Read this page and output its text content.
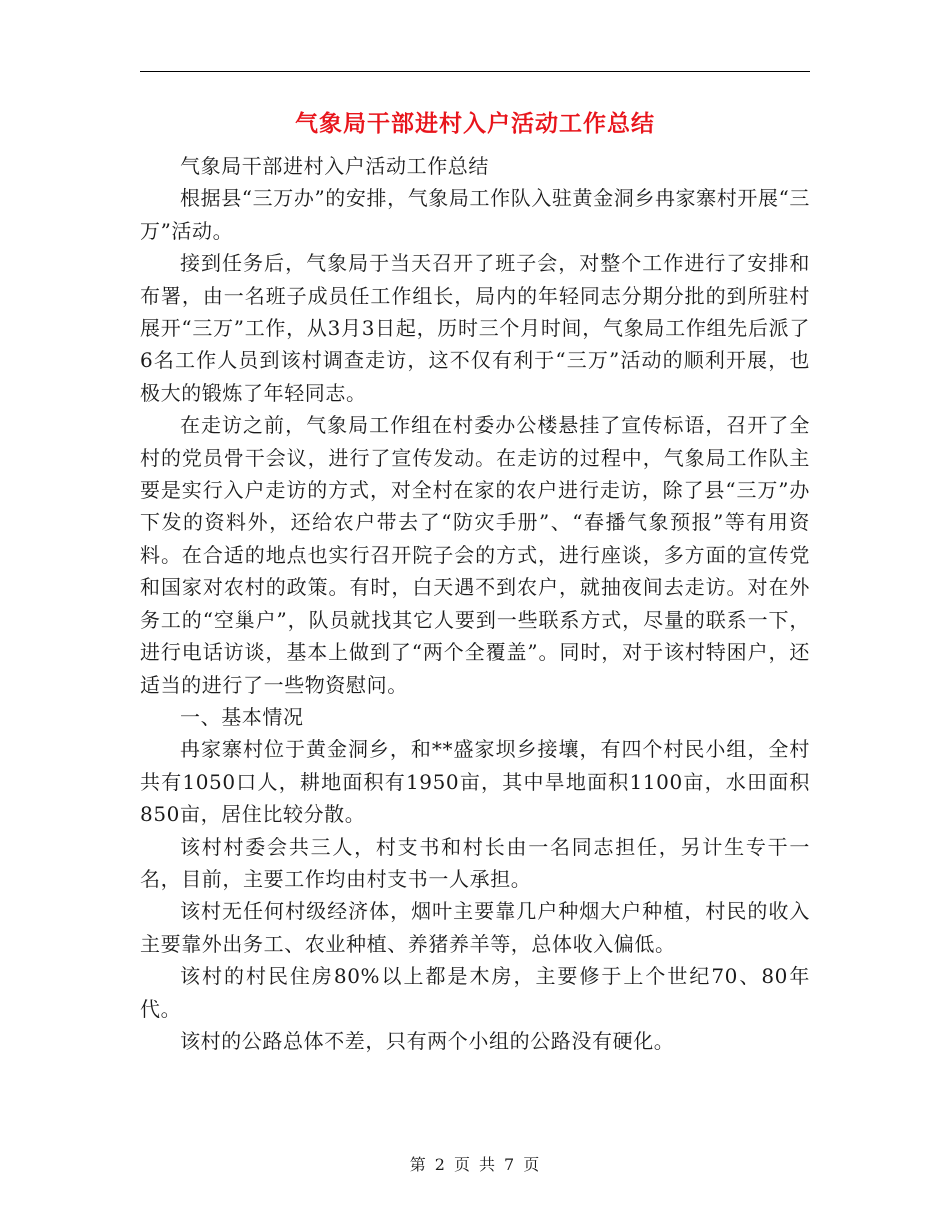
气象局干部进村入户活动工作总结

气象局干部进村入户活动工作总结

根据县“三万办”的安排，气象局工作队入驻黄金洞乡冉家寨村开展“三万”活动。

接到任务后，气象局于当天召开了班子会，对整个工作进行了安排和布署，由一名班子成员任工作组长，局内的年轻同志分期分批的到所驻村展开“三万”工作，从3月3日起，历时三个月时间，气象局工作组先后派了6名工作人员到该村调查走访，这不仅有利于“三万”活动的顺利开展，也极大的锻炼了年轻同志。

在走访之前，气象局工作组在村委办公楼悬挂了宣传标语，召开了全村的党员骨干会议，进行了宣传发动。在走访的过程中，气象局工作队主要是实行入户走访的方式，对全村在家的农户进行走访，除了县“三万”办下发的资料外，还给农户带去了“防灾手册”、“春播气象预报”等有用资料。在合适的地点也实行召开院子会的方式，进行座谈，多方面的宣传党和国家对农村的政策。有时，白天遇不到农户，就抽夜间去走访。对在外务工的“空巢户”，队员就找其它人要到一些联系方式，尽量的联系一下，进行电话访谈，基本上做到了“两个全覆盖”。同时，对于该村特困户，还适当的进行了一些物资慰问。

一、基本情况

冉家寨村位于黄金洞乡，和**盛家坝乡接壤，有四个村民小组，全村共有1050口人，耕地面积有1950亩，其中旱地面积1100亩，水田面积850亩，居住比较分散。

该村村委会共三人，村支书和村长由一名同志担任，另计生专干一名，目前，主要工作均由村支书一人承担。

该村无任何村级经济体，烟叶主要靠几户种烟大户种植，村民的收入主要靠外出务工、农业种植、养猪养羊等，总体收入偏低。

该村的村民住房80%以上都是木房，主要修于上个世纪70、80年代。

该村的公路总体不差，只有两个小组的公路没有硬化。

第 2 页 共 7 页
